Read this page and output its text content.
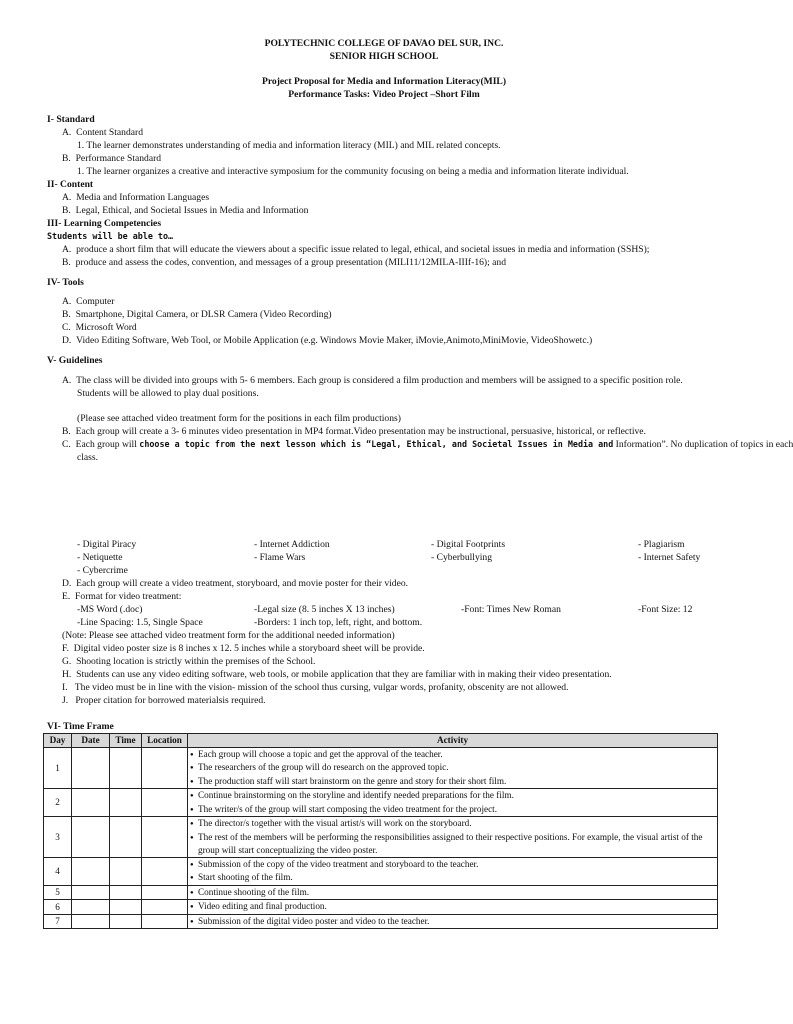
POLYTECHNIC COLLEGE OF DAVAO DEL SUR, INC.
SENIOR HIGH SCHOOL
Project Proposal for Media and Information Literacy(MIL)
Performance Tasks: Video Project –Short Film
I- Standard
A.  Content Standard
1. The learner demonstrates understanding of media and information literacy (MIL) and MIL related concepts.
B.  Performance Standard
1. The learner organizes a creative and interactive symposium for the community focusing on being a media and information literate individual.
II- Content
A.  Media and Information Languages
B.  Legal, Ethical, and Societal Issues in Media and Information
III- Learning Competencies
Students will be able to…
A.  produce a short film that will educate the viewers about a specific issue related to legal, ethical, and societal issues in media and information (SSHS);
B.  produce and assess the codes, convention, and messages of a group presentation (MILI11/12MILA-IIIf-16); and
IV- Tools
A.  Computer
B.  Smartphone, Digital Camera, or DLSR Camera (Video Recording)
C.  Microsoft Word
D.  Video Editing Software, Web Tool, or Mobile Application (e.g. Windows Movie Maker, iMovie,Animoto,MiniMovie, VideoShowetc.)
V- Guidelines
A.  The class will be divided into groups with 5- 6 members. Each group is considered a film production and members will be assigned to a specific position role.
Students will be allowed to play dual positions.
(Please see attached video treatment form for the positions in each film productions)
B.  Each group will create a 3- 6 minutes video presentation in MP4 format.Video presentation may be instructional, persuasive, historical, or reflective.
C.  Each group will choose a topic from the next lesson which is “Legal, Ethical, and Societal Issues in Media and Information”. No duplication of topics in each
class.
- Digital Piracy	- Internet Addiction	- Digital Footprints	- Plagiarism
- Netiquette	- Flame Wars	- Cyberbullying	- Internet Safety
- Cybercrime
D.  Each group will create a video treatment, storyboard, and movie poster for their video.
E.  Format for video treatment:
-MS Word (.doc)	-Legal size (8. 5 inches X 13 inches)	-Font: Times New Roman	-Font Size: 12
-Line Spacing: 1.5, Single Space	-Borders: 1 inch top, left, right, and bottom.
(Note: Please see attached video treatment form for the additional needed information)
F.  Digital video poster size is 8 inches x 12. 5 inches while a storyboard sheet will be provide.
G.  Shooting location is strictly within the premises of the School.
H.  Students can use any video editing software, web tools, or mobile application that they are familiar with in making their video presentation.
I.   The video must be in line with the vision- mission of the school thus cursing, vulgar words, profanity, obscenity are not allowed.
J.   Proper citation for borrowed materialsis required.
VI- Time Frame
Day	Date	Time	Location	Activity
1				● Each group will choose a topic and get the approval of the teacher.
● The researchers of the group will do research on the approved topic.
● The production staff will start brainstorm on the genre and story for their short film.

2				● Continue brainstorming on the storyline and identify needed preparations for the film.
● The writer/s of the group will start composing the video treatment for the project.

3				● The director/s together with the visual artist/s will work on the storyboard.
● The rest of the members will be performing the responsibilities assigned to their respective positions. For example, the visual artist of the group will start conceptualizing the video poster.

4				● Submission of the copy of the video treatment and storyboard to the teacher.
● Start shooting of the film.

5				● Continue shooting of the film.

6				● Video editing and final production.

7				● Submission of the digital video poster and video to the teacher.
